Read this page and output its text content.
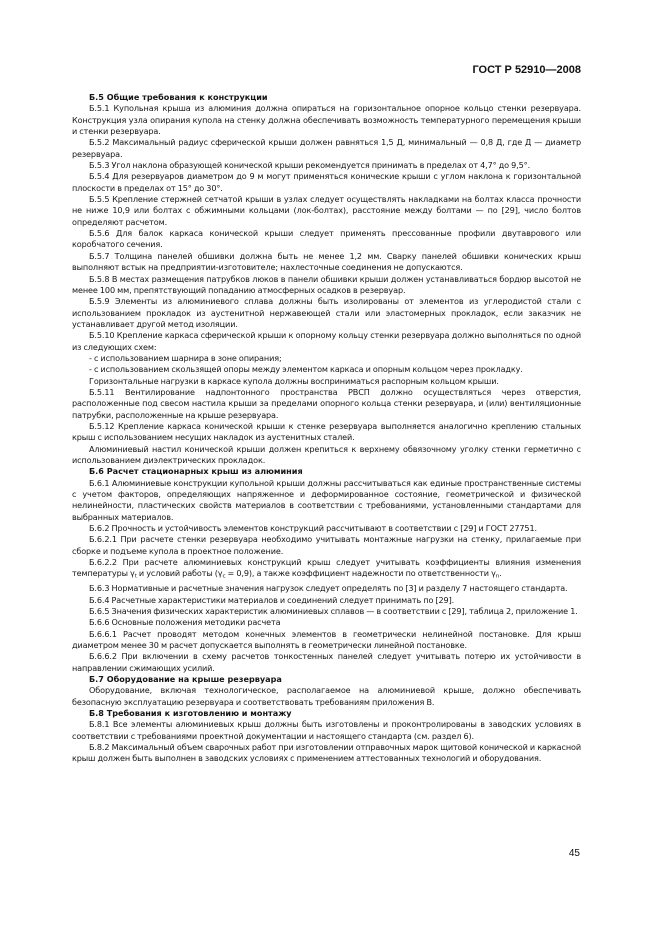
ГОСТ Р 52910—2008

Б.5 Общие требования к конструкции

Б.5.1 Купольная крыша из алюминия должна опираться на горизонтальное опорное кольцо стенки резервуара. Конструкция узла опирания купола на стенку должна обеспечивать возможность температурного перемещения крыши и стенки резервуара.

Б.5.2 Максимальный радиус сферической крыши должен равняться 1,5 Д, минимальный — 0,8 Д, где Д — диаметр резервуара.

Б.5.3 Угол наклона образующей конической крыши рекомендуется принимать в пределах от 4,7° до 9,5°.

Б.5.4 Для резервуаров диаметром до 9 м могут применяться конические крыши с углом наклона к горизонтальной плоскости в пределах от 15° до 30°.

Б.5.5 Крепление стержней сетчатой крыши в узлах следует осуществлять накладками на болтах класса прочности не ниже 10,9 или болтах с обжимными кольцами (лок-болтах), расстояние между болтами — по [29], число болтов определяют расчетом.

Б.5.6 Для балок каркаса конической крыши следует применять прессованные профили двутаврового или коробчатого сечения.

Б.5.7 Толщина панелей обшивки должна быть не менее 1,2 мм. Сварку панелей обшивки конических крыш выполняют встык на предприятии-изготовителе; нахлесточные соединения не допускаются.

Б.5.8 В местах размещения патрубков люков в панели обшивки крыши должен устанавливаться бордюр высотой не менее 100 мм, препятствующий попаданию атмосферных осадков в резервуар.

Б.5.9 Элементы из алюминиевого сплава должны быть изолированы от элементов из углеродистой стали с использованием прокладок из аустенитной нержавеющей стали или эластомерных прокладок, если заказчик не устанавливает другой метод изоляции.

Б.5.10 Крепление каркаса сферической крыши к опорному кольцу стенки резервуара должно выполняться по одной из следующих схем:

- с использованием шарнира в зоне опирания;

- с использованием скользящей опоры между элементом каркаса и опорным кольцом через прокладку.

Горизонтальные нагрузки в каркасе купола должны восприниматься распорным кольцом крыши.

Б.5.11 Вентилирование надпонтонного пространства РВСП должно осуществляться через отверстия, расположенные под свесом настила крыши за пределами опорного кольца стенки резервуара, и (или) вентиляционные патрубки, расположенные на крыше резервуара.

Б.5.12 Крепление каркаса конической крыши к стенке резервуара выполняется аналогично креплению стальных крыш с использованием несущих накладок из аустенитных сталей.

Алюминиевый настил конической крыши должен крепиться к верхнему обвязочному уголку стенки герметично с использованием диэлектрических прокладок.

Б.6 Расчет стационарных крыш из алюминия

Б.6.1 Алюминиевые конструкции купольной крыши должны рассчитываться как единые пространственные системы с учетом факторов, определяющих напряженное и деформированное состояние, геометрической и физической нелинейности, пластических свойств материалов в соответствии с требованиями, установленными стандартами для выбранных материалов.

Б.6.2 Прочность и устойчивость элементов конструкций рассчитывают в соответствии с [29] и ГОСТ 27751.

Б.6.2.1 При расчете стенки резервуара необходимо учитывать монтажные нагрузки на стенку, прилагаемые при сборке и подъеме купола в проектное положение.

Б.6.2.2 При расчете алюминиевых конструкций крыш следует учитывать коэффициенты влияния изменения температуры $\gamma_t$ и условий работы $(\gamma_c = 0,9)$, а также коэффициент надежности по ответственности $\gamma_n$.

Б.6.3 Нормативные и расчетные значения нагрузок следует определять по [3] и разделу 7 настоящего стандарта.

Б.6.4 Расчетные характеристики материалов и соединений следует принимать по [29].

Б.6.5 Значения физических характеристик алюминиевых сплавов — в соответствии с [29], таблица 2, приложение 1.

Б.6.6 Основные положения методики расчета

Б.6.6.1 Расчет проводят методом конечных элементов в геометрически нелинейной постановке. Для крыш диаметром менее 30 м расчет допускается выполнять в геометрически линейной постановке.

Б.6.6.2 При включении в схему расчетов тонкостенных панелей следует учитывать потерю их устойчивости в направлении сжимающих усилий.

Б.7 Оборудование на крыше резервуара

Оборудование, включая технологическое, располагаемое на алюминиевой крыше, должно обеспечивать безопасную эксплуатацию резервуара и соответствовать требованиям приложения В.

Б.8 Требования к изготовлению и монтажу

Б.8.1 Все элементы алюминиевых крыш должны быть изготовлены и проконтролированы в заводских условиях в соответствии с требованиями проектной документации и настоящего стандарта (см. раздел 6).

Б.8.2 Максимальный объем сварочных работ при изготовлении отправочных марок щитовой конической и каркасной крыш должен быть выполнен в заводских условиях с применением аттестованных технологий и оборудования.

45
